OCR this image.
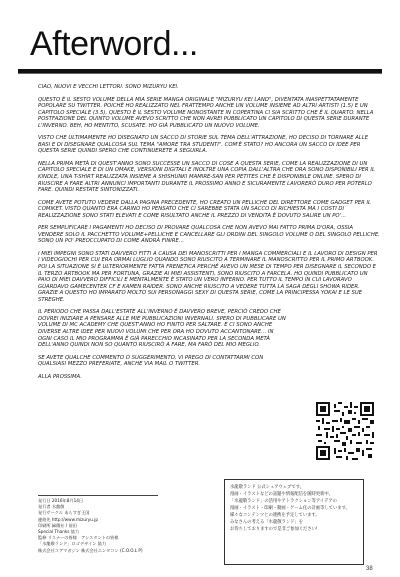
Afterword...

CIAO, NUOVI E VECCHI LETTORI. SONO MIZURYU KEI.

QUESTO È IL SESTO VOLUME DELLA MIA SERIE MANGA ORIGINALE "MIZURYU KEI LAND", DIVENTATA INASPETTATAMENTE POPOLARE SU TWITTER. POICHÉ HO REALIZZATO NEL FRATTEMPO ANCHE UN VOLUME INSIEME AD ALTRI ARTISTI (1.5) E UN CAPITOLO SPECIALE (3.5), QUESTO È IL SESTO VOLUME NONOSTANTE IN COPERTINA CI SIA SCRITTO CHE È IL QUARTO. NELLA POSTFAZIONE DEL QUINTO VOLUME AVEVO SCRITTO CHE NON AVREI PUBBLICATO UN CAPITOLO DI QUESTA SERIE DURANTE L'INVERNO. BEH, HO MENTITO, SCUSATE. HO GIÀ PUBBLICATO UN NUOVO VOLUME.

VISTO CHE ULTIMAMENTE HO DISEGNATO UN SACCO DI STORIE SUL TEMA DELL'ATTRAZIONE, HO DECISO DI TORNARE ALLE BASI E DI DISEGNARE QUALCOSA SUL TEMA "AMORE TRA STUDENTI". COM'È STATO? HO ANCORA UN SACCO DI IDEE PER QUESTA SERIE QUINDI SPERO CHE CONTINUERETE A SEGUIRLA.

NELLA PRIMA METÀ DI QUEST'ANNO SONO SUCCESSE UN SACCO DI COSE A QUESTA SERIE, COME LA REALIZZAZIONE DI UN CAPITOLO SPECIALE E DI UN OMAKE, VERSIONI DIGITALI E INOLTRE UNA COPIA DALL'ALTRA CHE ORA SONO DISPONIBILI PER IL KINDLE, UNA T-SHIRT REALIZZATA INSIEME A SHISHUNKI MAMIRE-SAN PER PETITES CHE È DISPONIBILE ONLINE. SPERO DI RIUSCIRE A FARE ALTRI ANNUNCI IMPORTANTI DURANTE IL PROSSIMO ANNO E SICURAMENTE LAVORERÒ DURO PER POTERLO FARE. QUINDI RESTATE SINTONIZZATI.

COME AVETE POTUTO VEDERE DALLA PAGINA PRECEDENTE, HO CREATO UN PELLICHE DEL DIRETTORE COME GADGET PER IL COMIKET. VISTO QUANTO ERA CARINO HO PENSATO CHE CI SAREBBE STATA UN SACCO DI RICHIESTA MA I COSTI DI REALIZZAZIONE SONO STATI ELEVATI E COME RISULTATO ANCHE IL PREZZO DI VENDITA È DOVUTO SALIRE UN PO'...

PER SEMPLIFICARE I PAGAMENTI HO DECISO DI PROVARE QUALCOSA CHE NON AVEVO MAI FATTO PRIMA D'ORA, OSSIA VENDERE SOLO IL PACCHETTO VOLUME+PELLICHE E CANCELLARE GLI ORDINI DEL SINGOLO VOLUME O DEL SINGOLO PELLICHE. SONO UN PO' PREOCCUPATO DI COME ANDRÀ FINIRE...

I MIEI IMPEGNI SONO STATI DAVVERO FITTI A CAUSA DEI MANOSCRITTI PER I MANGA COMMERCIALI E IL LAVORO DI DESIGN PER I VIDEOGIOCHI PER CUI ERA ORMAI LUGLIO QUANDO SONO RIUSCITO A TERMINARE IL MANOSCRITTO PER IL PRIMO ARTBOOK. POI LA SITUAZIONE SI È ULTERIORMENTE FATTA FRENETICA PERCHÉ AVEVO UN MESE DI TEMPO PER DISEGNARE IL SECONDO E IL TERZO ARTBOOK MA PER FORTUNA, GRAZIE AI MIEI ASSISTENTI, SONO RIUSCITO A FARCELA. HO QUINDI PUBBLICATO UN PAIO DI MIEI DAVVERO DIFFICILI E MENTALMENTE È STATO UN VERO INFERNO. PER TUTTO IL TEMPO IN CUI LAVORAVO GUARDAVO GAMECENTER CF E KAMEN RAIDER. SONO ANCHE RIUSCITO A VEDERE TUTTA LA SAGA DEGLI SHOWA RIDER. GRAZIE A QUESTO HO IMPARATO MOLTO SUI PERSONAGGI SEXY DI QUESTA SERIE, COME LA PRINCIPESSA YOKAI E LE SUE STREGHE.

IL PERIODO CHE PASSA DALL'ESTATE ALL'INVERNO È DAVVERO BREVE, PERCIÒ CREDO CHE DOVREI INIZIARE A PENSARE ALLE MIE PUBBLICAZIONI INVERNALI. SPERO DI PUBBLICARE UN VOLUME DI MC ACADEMY CHE QUEST'ANNO HO FINITO PER SALTARE. E CI SONO ANCHE DIVERSE ALTRE IDEE PER NUOVI VOLUMI CHE PER ORA HO DOVUTO ACCANTONARE... IN OGNI CASO IL MIO PROGRAMMA È GIÀ PARECCHIO INCASINATO PER LA SECONDA METÀ DELL'ANNO QUINDI NON SO QUANTO RIUSCIRÒ A FARE, MA FARÒ DEL MIO MEGLIO.

SE AVETE QUALCHE COMMENTO O SUGGERIMENTO, VI PREGO DI CONTATTARMI CON QUALSIASI MEZZO PREFERIATE, ANCHE VIA MAIL O TWITTER.

ALLA PROSSIMA.

発行日 2016年8月14日
発行者 水龍敬
発行サークル あらすぎ王国
連絡先 http://www.mizuryu.jp
印刷所 緑陽社 / 前田
Special Thanks 協力
監修 リスナーの皆様　アシスタントの皆様
「水龍敬ランド」ロゴデザイン 協力
株式会社コアマガジン 株式会社エンタコン (C.O.O.L P)
水龍敬ランド 公式シェアウェブです。
漫画・イラストなどの話題や情報配信を随時更新中。
「水龍敬ランド」の活用やアトラクション等アイデアの
漫画・イラスト・印刷・動画・ゲーム化の計画等しています。
様々なコンテンツとの連携を予定しています。
みなさんの考える「水龍敬ランド」を
お待ちしておりますので是非ご参加ください!
38
